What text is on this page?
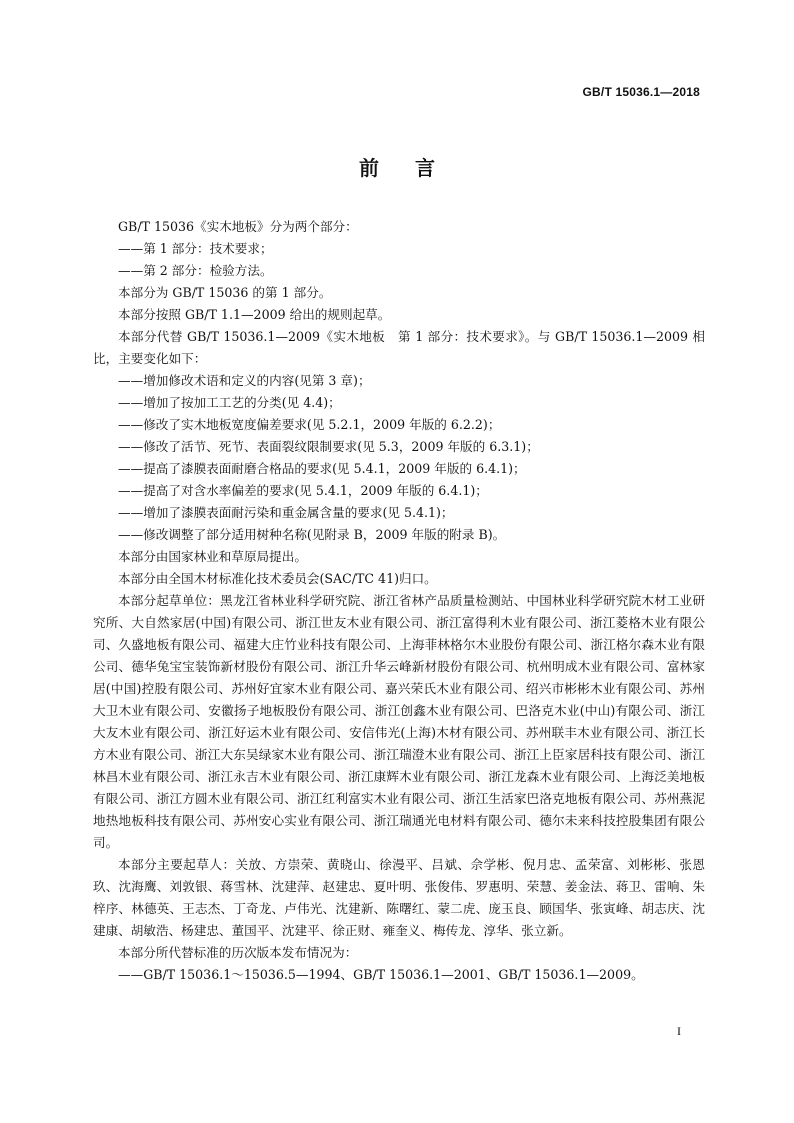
GB/T 15036.1—2018
前言

GB/T 15036《实木地板》分为两个部分：

——第 1 部分：技术要求；

——第 2 部分：检验方法。

本部分为 GB/T 15036 的第 1 部分。

本部分按照 GB/T 1.1—2009 给出的规则起草。

本部分代替 GB/T 15036.1—2009《实木地板　第 1 部分：技术要求》。与 GB/T 15036.1—2009 相比，主要变化如下：

——增加修改术语和定义的内容(见第 3 章)；

——增加了按加工工艺的分类(见 4.4)；

——修改了实木地板宽度偏差要求(见 5.2.1，2009 年版的 6.2.2)；

——修改了活节、死节、表面裂纹限制要求(见 5.3，2009 年版的 6.3.1)；

——提高了漆膜表面耐磨合格品的要求(见 5.4.1，2009 年版的 6.4.1)；

——提高了对含水率偏差的要求(见 5.4.1，2009 年版的 6.4.1)；

——增加了漆膜表面耐污染和重金属含量的要求(见 5.4.1)；

——修改调整了部分适用树种名称(见附录 B，2009 年版的附录 B)。

本部分由国家林业和草原局提出。

本部分由全国木材标准化技术委员会(SAC/TC 41)归口。

本部分起草单位：黑龙江省林业科学研究院、浙江省林产品质量检测站、中国林业科学研究院木材工业研究所、大自然家居(中国)有限公司、浙江世友木业有限公司、浙江富得利木业有限公司、浙江菱格木业有限公司、久盛地板有限公司、福建大庄竹业科技有限公司、上海菲林格尔木业股份有限公司、浙江格尔森木业有限公司、德华兔宝宝装饰新材股份有限公司、浙江升华云峰新材股份有限公司、杭州明成木业有限公司、富林家居(中国)控股有限公司、苏州好宜家木业有限公司、嘉兴荣氏木业有限公司、绍兴市彬彬木业有限公司、苏州大卫木业有限公司、安徽扬子地板股份有限公司、浙江创鑫木业有限公司、巴洛克木业(中山)有限公司、浙江大友木业有限公司、浙江好运木业有限公司、安信伟光(上海)木材有限公司、苏州联丰木业有限公司、浙江长方木业有限公司、浙江大东吴绿家木业有限公司、浙江瑞澄木业有限公司、浙江上臣家居科技有限公司、浙江林昌木业有限公司、浙江永吉木业有限公司、浙江康辉木业有限公司、浙江龙森木业有限公司、上海泛美地板有限公司、浙江方圆木业有限公司、浙江红利富实木业有限公司、浙江生活家巴洛克地板有限公司、苏州燕泥地热地板科技有限公司、苏州安心实业有限公司、浙江瑞通光电材料有限公司、德尔未来科技控股集团有限公司。

本部分主要起草人：关放、方崇荣、黄晓山、徐漫平、吕斌、佘学彬、倪月忠、孟荣富、刘彬彬、张恩玖、沈海鹰、刘敦银、蒋雪林、沈建萍、赵建忠、夏叶明、张俊伟、罗惠明、荣慧、姜金法、蒋卫、雷响、朱梓序、林德英、王志杰、丁奇龙、卢伟光、沈建新、陈曙红、蒙二虎、庞玉良、顾国华、张寅峰、胡志庆、沈建康、胡敏浩、杨建忠、董国平、沈建平、徐正财、雍奎义、梅传龙、淳华、张立新。

本部分所代替标准的历次版本发布情况为：

——GB/T 15036.1～15036.5—1994、GB/T 15036.1—2001、GB/T 15036.1—2009。

I
